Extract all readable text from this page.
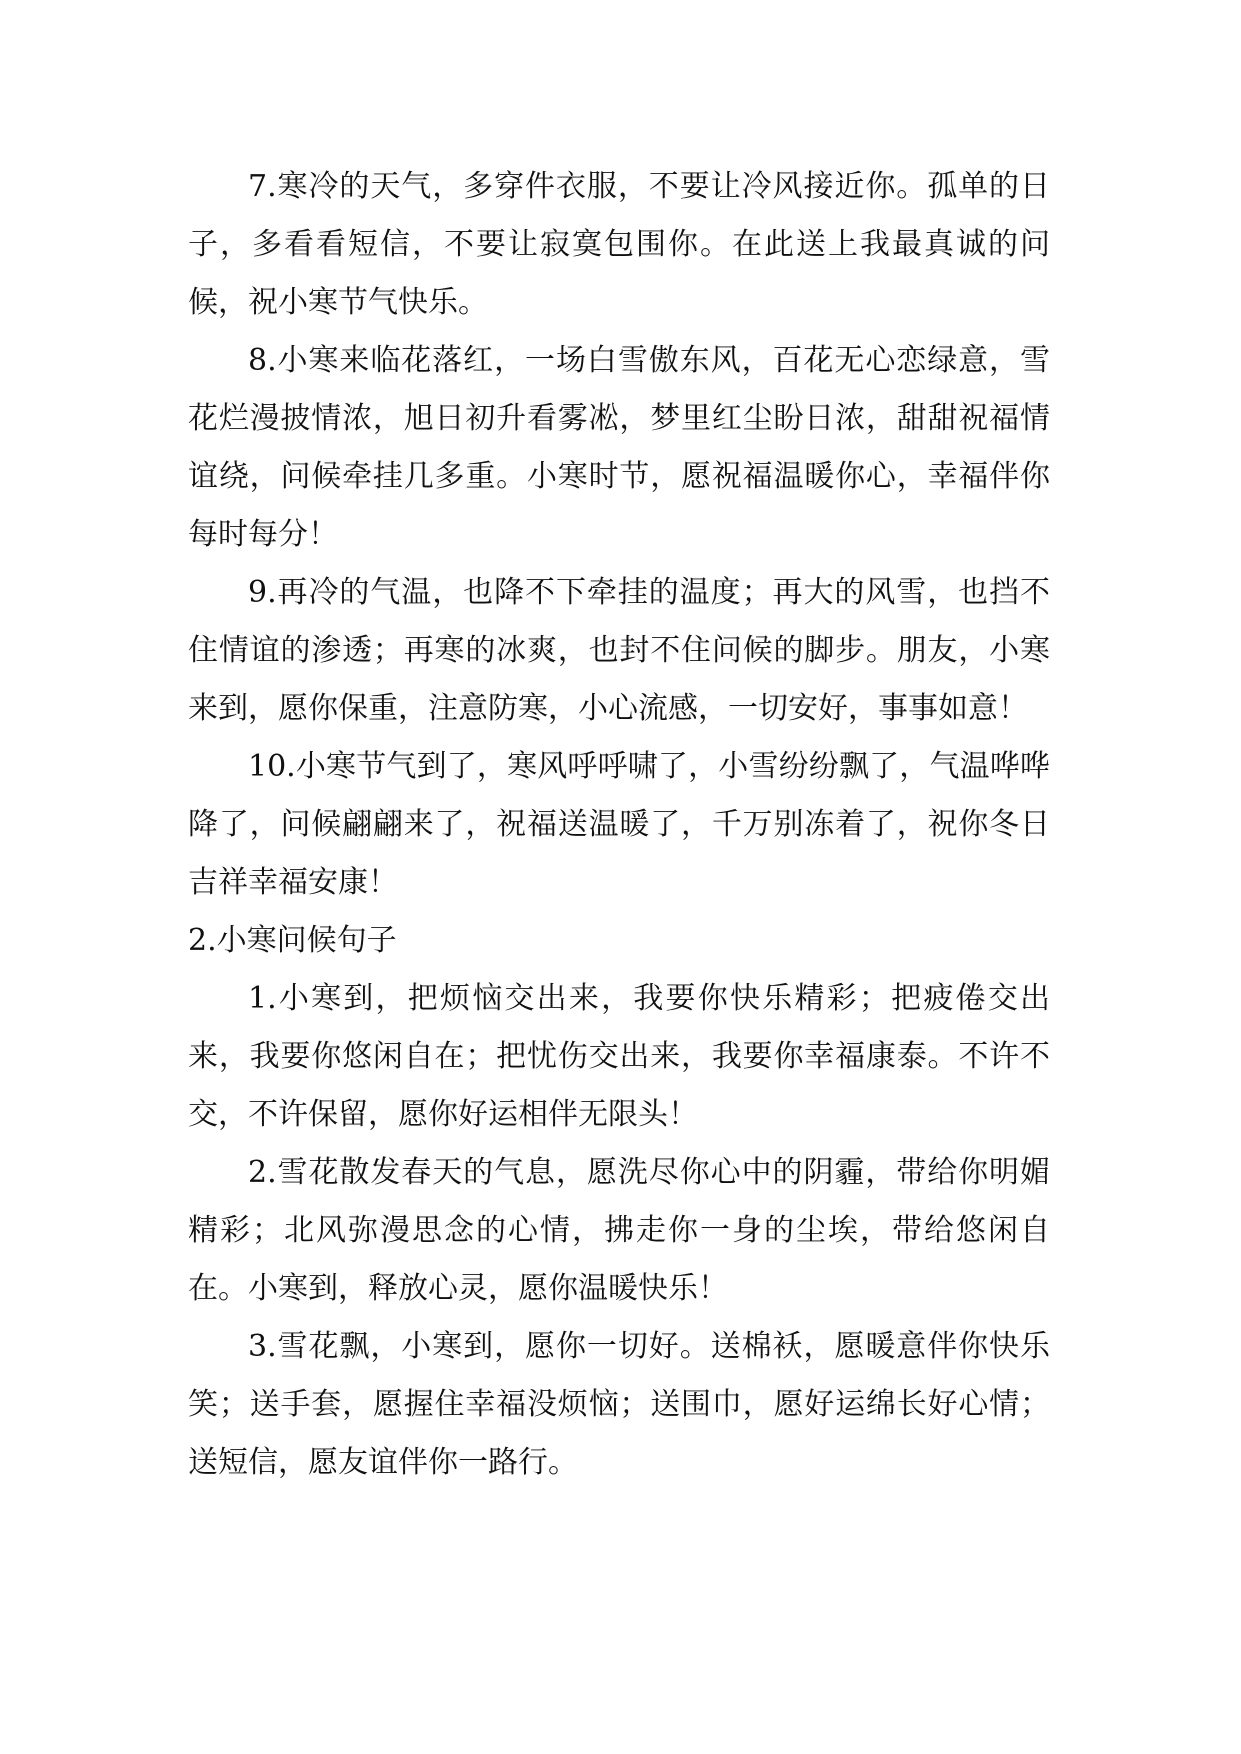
7.寒冷的天气，多穿件衣服，不要让冷风接近你。孤单的日子，多看看短信，不要让寂寞包围你。在此送上我最真诚的问候，祝小寒节气快乐。

8.小寒来临花落红，一场白雪傲东风，百花无心恋绿意，雪花烂漫披情浓，旭日初升看雾凇，梦里红尘盼日浓，甜甜祝福情谊绕，问候牵挂几多重。小寒时节，愿祝福温暖你心，幸福伴你每时每分！

9.再冷的气温，也降不下牵挂的温度；再大的风雪，也挡不住情谊的渗透；再寒的冰爽，也封不住问候的脚步。朋友，小寒来到，愿你保重，注意防寒，小心流感，一切安好，事事如意！

10.小寒节气到了，寒风呼呼啸了，小雪纷纷飘了，气温哗哗降了，问候翩翩来了，祝福送温暖了，千万别冻着了，祝你冬日吉祥幸福安康！

2.小寒问候句子

1.小寒到，把烦恼交出来，我要你快乐精彩；把疲倦交出来，我要你悠闲自在；把忧伤交出来，我要你幸福康泰。不许不交，不许保留，愿你好运相伴无限头！

2.雪花散发春天的气息，愿洗尽你心中的阴霾，带给你明媚精彩；北风弥漫思念的心情，拂走你一身的尘埃，带给悠闲自在。小寒到，释放心灵，愿你温暖快乐！

3.雪花飘，小寒到，愿你一切好。送棉袄，愿暖意伴你快乐笑；送手套，愿握住幸福没烦恼；送围巾，愿好运绵长好心情；送短信，愿友谊伴你一路行。
